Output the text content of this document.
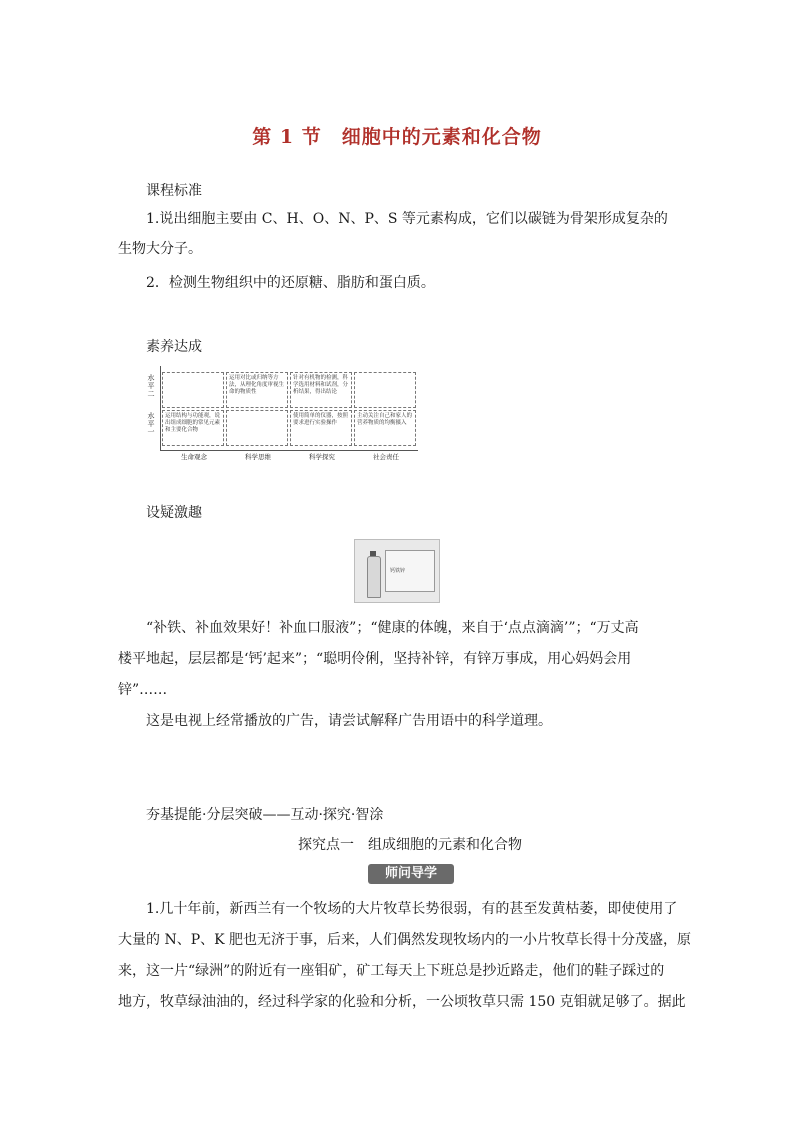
第 1 节　细胞中的元素和化合物
课程标准

1.说出细胞主要由 C、H、O、N、P、S 等元素构成，它们以碳链为骨架形成复杂的生物大分子。

2．检测生物组织中的还原糖、脂肪和蛋白质。

素养达成
水平二
水平一
运用对比或归纳等方法，从理化角度审视生命的物质性
针对有机物的检测，科学选用材料和试剂，分析结果，得出结论
运用结构与功能观，说出组成细胞的常见元素和主要化合物
使用简单的仪器，按照要求进行实验操作
主动关注自己和家人的营养物质的均衡摄入
生命观念	科学思维	科学探究	社会责任
设疑激趣
钙铁锌
“补铁、补血效果好！补血口服液”；“健康的体魄，来自于‘点点滴滴’”；“万丈高
楼平地起，层层都是‘钙’起来”；“聪明伶俐，坚持补锌，有锌万事成，用心妈妈会用
锌”……
这是电视上经常播放的广告，请尝试解释广告用语中的科学道理。
夯基提能·分层突破——互动·探究·智涂
探究点一　组成细胞的元素和化合物
师问导学
1.几十年前，新西兰有一个牧场的大片牧草长势很弱，有的甚至发黄枯萎，即使使用了
大量的 N、P、K 肥也无济于事，后来，人们偶然发现牧场内的一小片牧草长得十分茂盛，原
来，这一片“绿洲”的附近有一座钼矿，矿工每天上下班总是抄近路走，他们的鞋子踩过的
地方，牧草绿油油的，经过科学家的化验和分析，一公顷牧草只需 150 克钼就足够了。据此
